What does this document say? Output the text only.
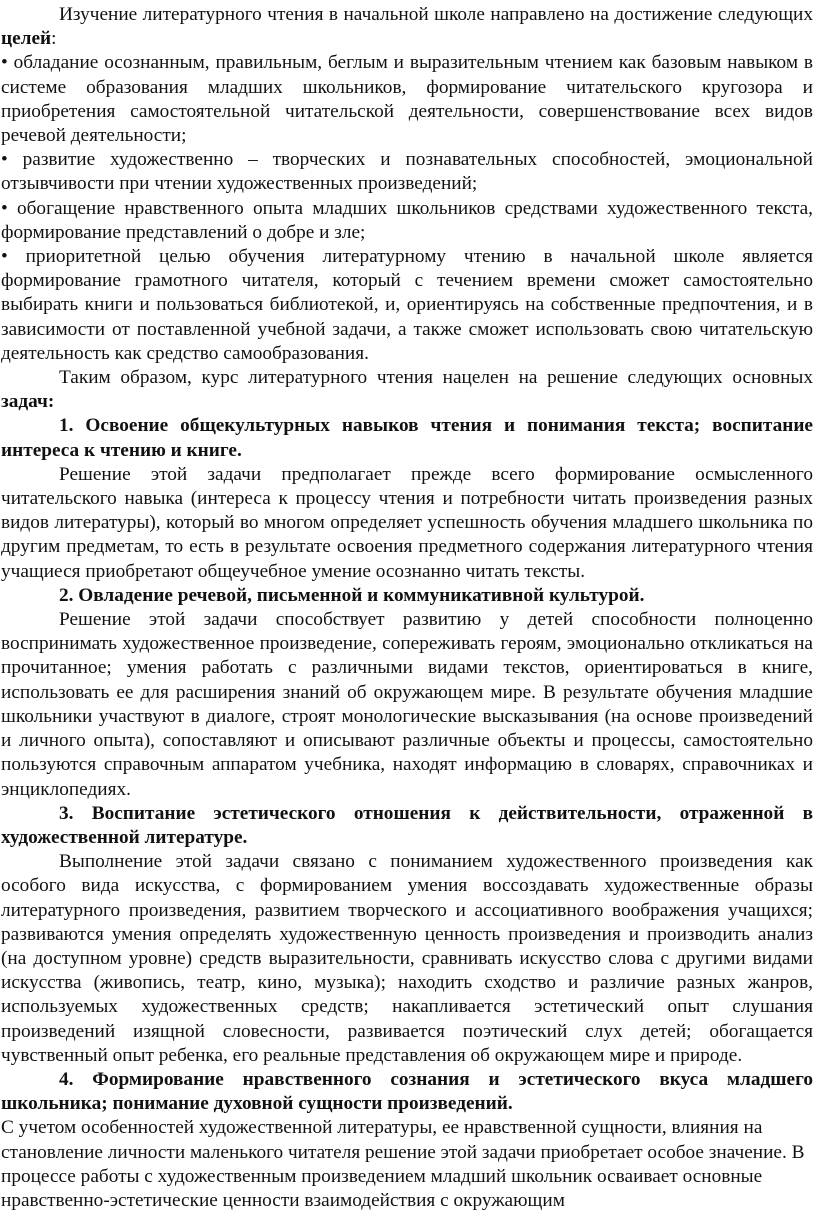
Изучение литературного чтения в начальной школе направлено на достижение следующих целей:

• обладание осознанным, правильным, беглым и выразительным чтением как базовым навыком в системе образования младших школьников, формирование читательского кругозора и приобретения самостоятельной читательской деятельности, совершенствование всех видов речевой деятельности;

• развитие художественно – творческих и познавательных способностей, эмоциональной отзывчивости при чтении художественных произведений;

• обогащение нравственного опыта младших школьников средствами художественного текста, формирование представлений о добре и зле;

• приоритетной целью обучения литературному чтению в начальной школе является формирование грамотного читателя, который с течением времени сможет самостоятельно выбирать книги и пользоваться библиотекой, и, ориентируясь на собственные предпочтения, и в зависимости от поставленной учебной задачи, а также сможет использовать свою читательскую деятельность как средство самообразования.

Таким образом, курс литературного чтения нацелен на решение следующих основных задач:

1. Освоение общекультурных навыков чтения и понимания текста; воспитание интереса к чтению и книге.

Решение этой задачи предполагает прежде всего формирование осмысленного читательского навыка (интереса к процессу чтения и потребности читать произведения разных видов литературы), который во многом определяет успешность обучения младшего школьника по другим предметам, то есть в результате освоения предметного содержания литературного чтения учащиеся приобретают общеучебное умение осознанно читать тексты.

2. Овладение речевой, письменной и коммуникативной культурой.

Решение этой задачи способствует развитию у детей способности полноценно воспринимать художественное произведение, сопереживать героям, эмоционально откликаться на прочитанное; умения работать с различными видами текстов, ориентироваться в книге, использовать ее для расширения знаний об окружающем мире. В результате обучения младшие школьники участвуют в диалоге, строят монологические высказывания (на основе произведений и личного опыта), сопоставляют и описывают различные объекты и процессы, самостоятельно пользуются справочным аппаратом учебника, находят информацию в словарях, справочниках и энциклопедиях.

3. Воспитание эстетического отношения к действительности, отраженной в художественной литературе.

Выполнение этой задачи связано с пониманием художественного произведения как особого вида искусства, с формированием умения воссоздавать художественные образы литературного произведения, развитием творческого и ассоциативного воображения учащихся; развиваются умения определять художественную ценность произведения и производить анализ (на доступном уровне) средств выразительности, сравнивать искусство слова с другими видами искусства (живопись, театр, кино, музыка); находить сходство и различие разных жанров, используемых художественных средств; накапливается эстетический опыт слушания произведений изящной словесности, развивается поэтический слух детей; обогащается чувственный опыт ребенка, его реальные представления об окружающем мире и природе.

4. Формирование нравственного сознания и эстетического вкуса младшего школьника; понимание духовной сущности произведений.

С учетом особенностей художественной литературы, ее нравственной сущности, влияния на становление личности маленького читателя решение этой задачи приобретает особое значение. В процессе работы с художественным произведением младший школьник осваивает основные нравственно-эстетические ценности взаимодействия с окружающим
